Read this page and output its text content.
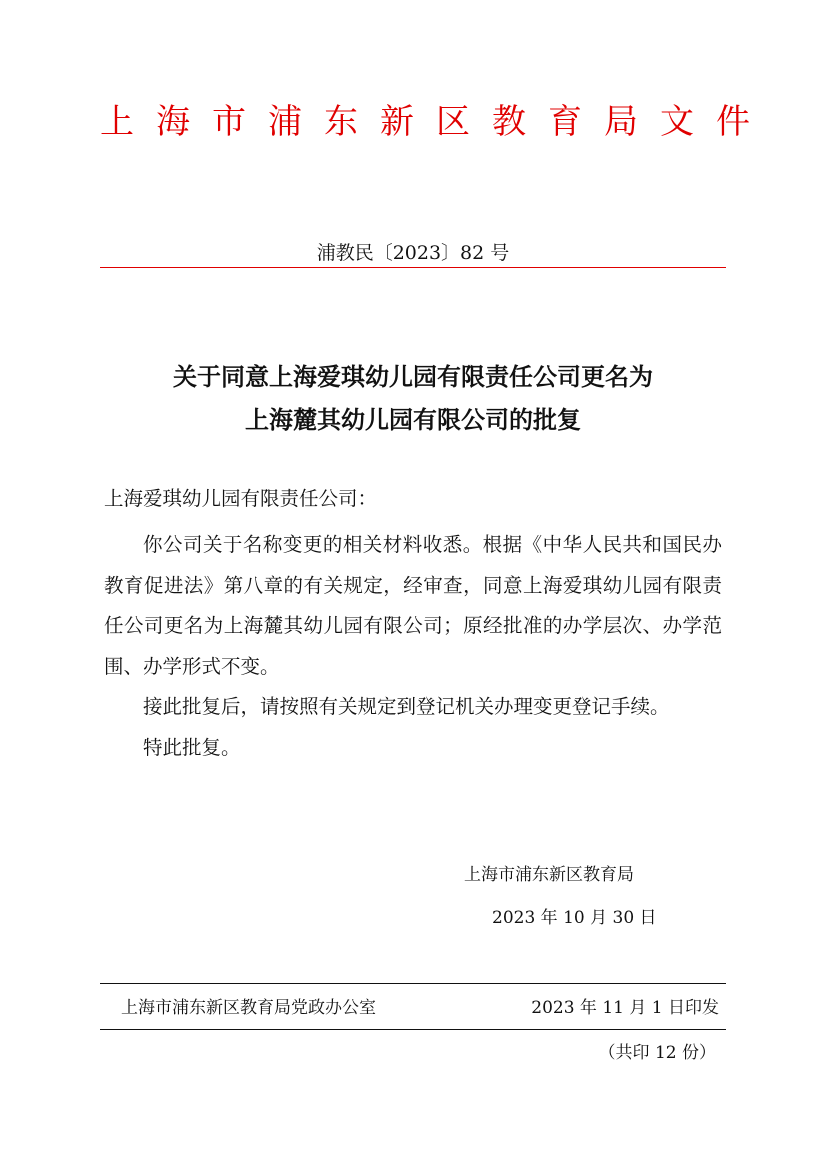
上海市浦东新区教育局文件
浦教民〔2023〕82 号
关于同意上海爱琪幼儿园有限责任公司更名为
上海麓其幼儿园有限公司的批复
上海爱琪幼儿园有限责任公司：

你公司关于名称变更的相关材料收悉。根据《中华人民共和国民办教育促进法》第八章的有关规定，经审查，同意上海爱琪幼儿园有限责任公司更名为上海麓其幼儿园有限公司；原经批准的办学层次、办学范围、办学形式不变。

接此批复后，请按照有关规定到登记机关办理变更登记手续。

特此批复。

上海市浦东新区教育局
2023 年 10 月 30 日
上海市浦东新区教育局党政办公室	2023 年 11 月 1 日印发
（共印 12 份）
